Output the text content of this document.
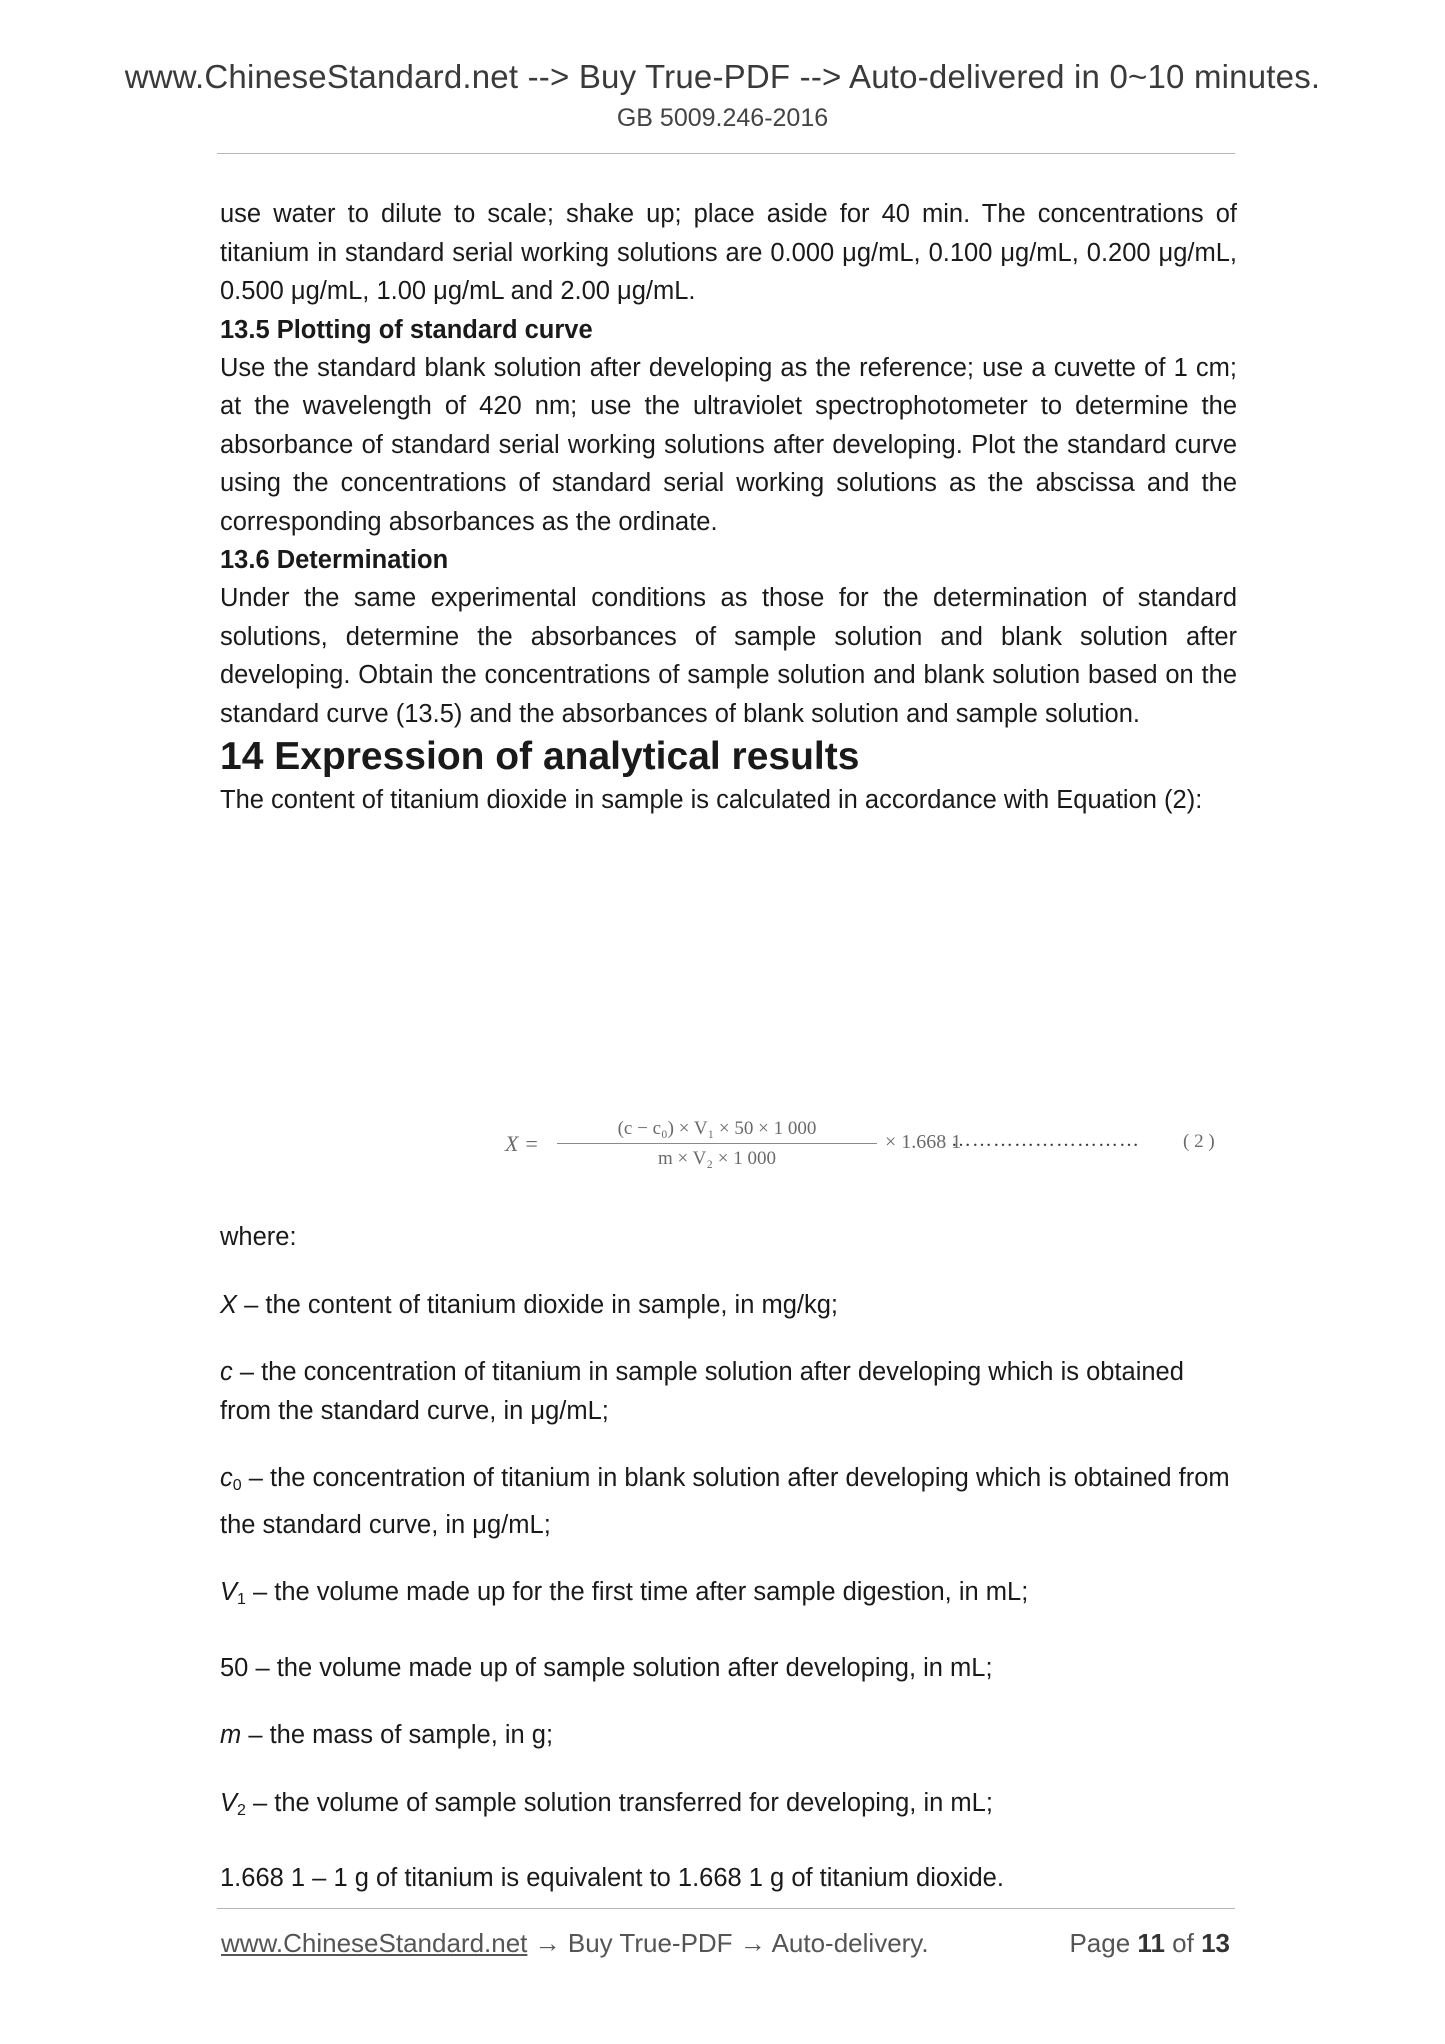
www.ChineseStandard.net --> Buy True-PDF --> Auto-delivered in 0~10 minutes.
GB 5009.246-2016

use water to dilute to scale; shake up; place aside for 40 min. The concentrations of titanium in standard serial working solutions are 0.000 μg/mL, 0.100 μg/mL, 0.200 μg/mL, 0.500 μg/mL, 1.00 μg/mL and 2.00 μg/mL.

13.5 Plotting of standard curve

Use the standard blank solution after developing as the reference; use a cuvette of 1 cm; at the wavelength of 420 nm; use the ultraviolet spectrophotometer to determine the absorbance of standard serial working solutions after developing. Plot the standard curve using the concentrations of standard serial working solutions as the abscissa and the corresponding absorbances as the ordinate.

13.6 Determination

Under the same experimental conditions as those for the determination of standard solutions, determine the absorbances of sample solution and blank solution after developing. Obtain the concentrations of sample solution and blank solution based on the standard curve (13.5) and the absorbances of blank solution and sample solution.

14 Expression of analytical results

The content of titanium dioxide in sample is calculated in accordance with Equation (2):

X =
(c − c₀) × V₁ × 50 × 1 000
m × V₂ × 1 000
× 1.668 1
……………………… ( 2 )

where:

X – the content of titanium dioxide in sample, in mg/kg;

c – the concentration of titanium in sample solution after developing which is obtained from the standard curve, in μg/mL;

c0 – the concentration of titanium in blank solution after developing which is obtained from the standard curve, in μg/mL;

V1 – the volume made up for the first time after sample digestion, in mL;

50 – the volume made up of sample solution after developing, in mL;

m – the mass of sample, in g;

V2 – the volume of sample solution transferred for developing, in mL;

1.668 1 – 1 g of titanium is equivalent to 1.668 1 g of titanium dioxide.

www.ChineseStandard.net → Buy True-PDF → Auto-delivery.	Page 11 of 13
